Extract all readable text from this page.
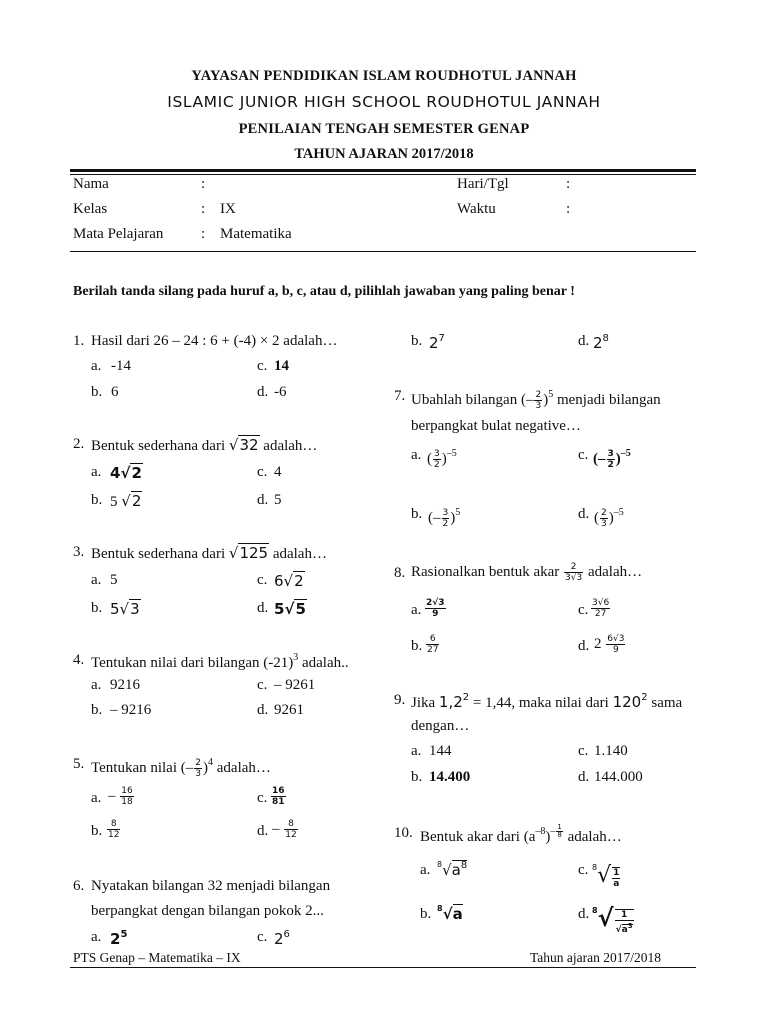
YAYASAN PENDIDIKAN ISLAM ROUDHOTUL JANNAH
ISLAMIC JUNIOR HIGH SCHOOL ROUDHOTUL JANNAH
PENILAIAN TENGAH SEMESTER GENAP
TAHUN AJARAN 2017/2018
Nama	:	Hari/Tgl	:
Kelas	: IX	Waktu	:
Mata Pelajaran	: Matematika
Berilah tanda silang pada huruf a, b, c, atau d, pilihlah jawaban yang paling benar !
1. Hasil dari 26 – 24 : 6 + (-4) × 2 adalah…
a. -14	c. 14
b. 6	d. -6
2. Bentuk sederhana dari √32 adalah…
a. 4√2	c. 4
b. 5 √2	d. 5
3. Bentuk sederhana dari √125 adalah…
a. 5	c. 6√2
b. 5√3	d. 5√5
4. Tentukan nilai dari bilangan $(-21)^3$ adalah..
a. 9216	c. – 9261
b. – 9216	d. 9261
5. Tentukan nilai (– $\frac{2}{3} )^4$ adalah…
a. – $\frac{16}{18}$	c. $\frac{16}{81}$
b. $\frac{8}{12}$	d. – $\frac{8}{12}$
6. Nyatakan bilangan 32 menjadi bilangan
berpangkat dengan bilangan pokok 2...
a. $2^5$	c. $2^6$
b. $2^7$	d. $2^8$
7. Ubahlah bilangan (– $\frac{2}{3} )^5$ menjadi bilangan
berpangkat bulat negative…
a. ( $\frac{3}{2} )^{-5}$	c. (– $\frac{3}{2} )^{-5}$
b. (– $\frac{3}{2} )^5$	d. ( $\frac{2}{3} )^{-5}$
8. Rasionalkan bentuk akar $\frac{2}{3√3}$ adalah…
a. $\frac{2√3}{9}$	c. $\frac{3√6}{27}$
b. $\frac{6}{27}$	d. $2 \frac{6√3}{9}$
9. Jika $1,2^2 = 1,44$, maka nilai dari $120^2$ sama
dengan…
a. 144	c. 1.140
b. 14.400	d. 144.000
10. Bentuk akar dari $(a^{-8})^{- \frac{1}{8}}$ adalah…
a. $^8√a^8$	c. $^8√ \frac{1}{a}$
b. $^8$√a	d. $^8√ \frac{1}{√a^3}$
PTS Genap – Matematika – IX	Tahun ajaran 2017/2018
